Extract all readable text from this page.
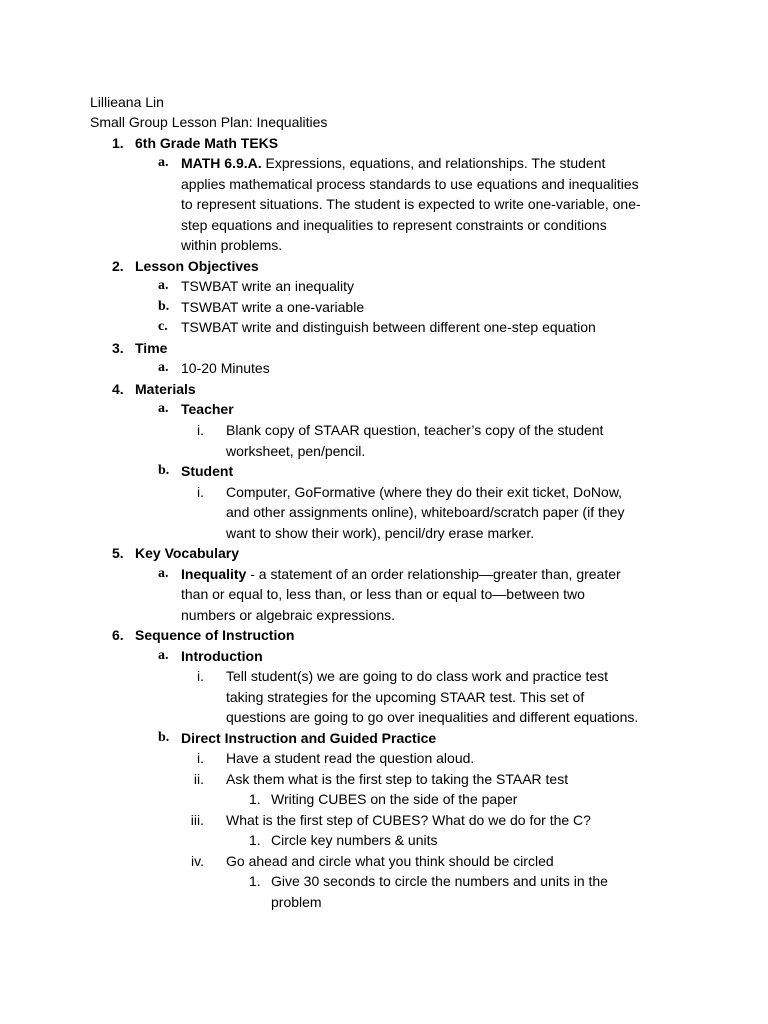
Lillieana Lin
Small Group Lesson Plan: Inequalities
1. 6th Grade Math TEKS
a. MATH 6.9.A. Expressions, equations, and relationships. The student
applies mathematical process standards to use equations and inequalities
to represent situations. The student is expected to write one-variable, one-
step equations and inequalities to represent constraints or conditions
within problems.
2. Lesson Objectives
a. TSWBAT write an inequality
b. TSWBAT write a one-variable
c. TSWBAT write and distinguish between different one-step equation
3. Time
a. 10-20 Minutes
4. Materials
a. Teacher
i. Blank copy of STAAR question, teacher’s copy of the student
worksheet, pen/pencil.
b. Student
i. Computer, GoFormative (where they do their exit ticket, DoNow,
and other assignments online), whiteboard/scratch paper (if they
want to show their work), pencil/dry erase marker.
5. Key Vocabulary
a. Inequality - a statement of an order relationship—greater than, greater
than or equal to, less than, or less than or equal to—between two
numbers or algebraic expressions.
6. Sequence of Instruction
a. Introduction
i. Tell student(s) we are going to do class work and practice test
taking strategies for the upcoming STAAR test. This set of
questions are going to go over inequalities and different equations.
b. Direct Instruction and Guided Practice
i. Have a student read the question aloud.
ii. Ask them what is the first step to taking the STAAR test
1. Writing CUBES on the side of the paper
iii. What is the first step of CUBES? What do we do for the C?
1. Circle key numbers & units
iv. Go ahead and circle what you think should be circled
1. Give 30 seconds to circle the numbers and units in the
problem
